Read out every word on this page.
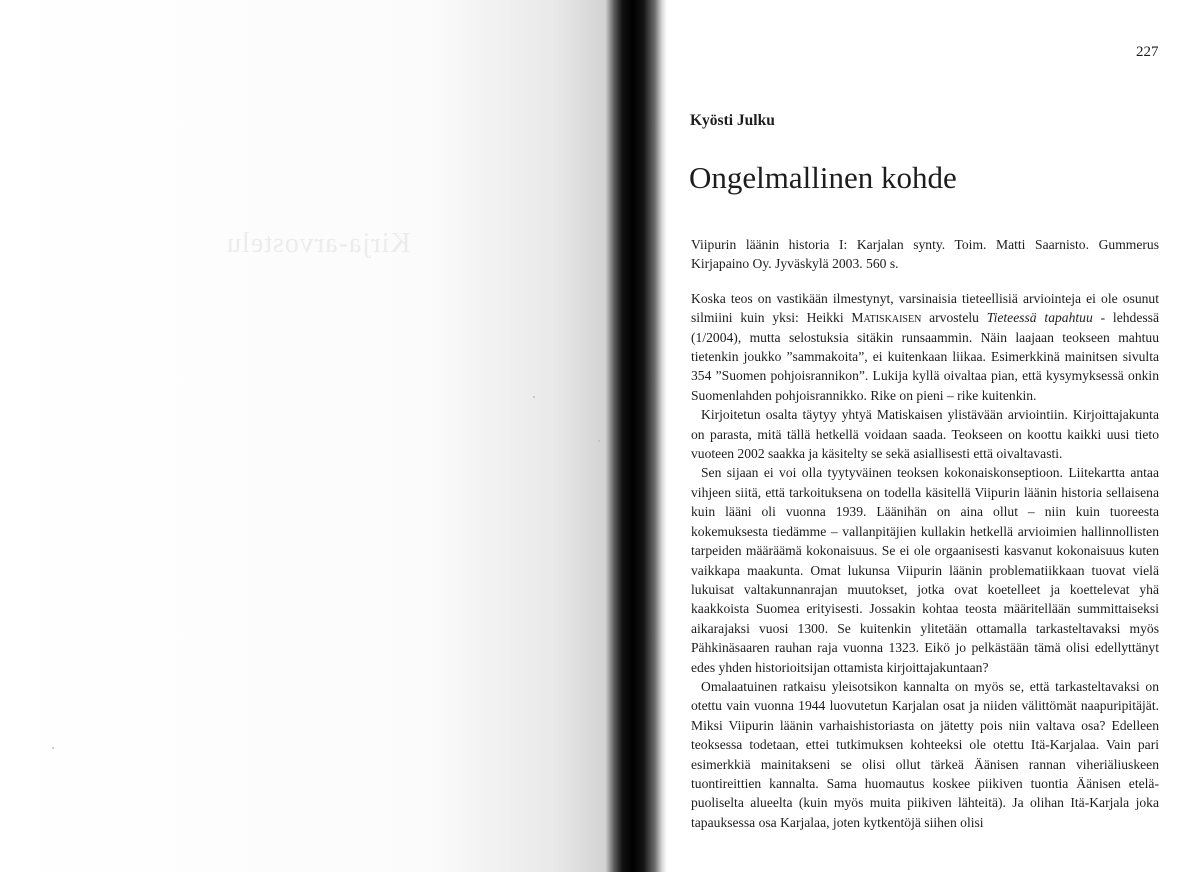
Kirja-arvostelu
227
Kyösti Julku
Ongelmallinen kohde

Viipurin läänin historia I: Karjalan synty. Toim. Matti Saarnisto. Gummerus Kirjapaino Oy. Jyväskylä 2003. 560 s.

Koska teos on vastikään ilmestynyt, varsinaisia tieteellisiä arviointeja ei ole osunut silmiini kuin yksi: Heikki Matiskaisen arvostelu Tieteessä tapahtuu - lehdessä (1/2004), mutta selostuksia sitäkin runsaammin. Näin laajaan teokseen mahtuu tietenkin joukko ”sammakoita”, ei kuitenkaan liikaa. Esimerkkinä mainitsen sivulta 354 ”Suomen pohjoisrannikon”. Lukija kyllä oivaltaa pian, että kysymyksessä onkin Suomenlahden pohjoisrannikko. Rike on pieni – rike kuitenkin.

Kirjoitetun osalta täytyy yhtyä Matiskaisen ylistävään arviointiin. Kirjoittajakunta on parasta, mitä tällä hetkellä voidaan saada. Teokseen on koottu kaikki uusi tieto vuoteen 2002 saakka ja käsitelty se sekä asiallisesti että oivaltavasti.

Sen sijaan ei voi olla tyytyväinen teoksen kokonaiskonseptioon. Liitekartta antaa vihjeen siitä, että tarkoituksena on todella käsitellä Viipurin läänin historia sellaisena kuin lääni oli vuonna 1939. Läänihän on aina ollut – niin kuin tuoreesta kokemuksesta tiedämme – vallanpitäjien kullakin hetkellä arvioimien hallinnollisten tarpeiden määräämä kokonaisuus. Se ei ole orgaanisesti kasvanut kokonaisuus kuten vaikkapa maakunta. Omat lukunsa Viipurin läänin problematiikkaan tuovat vielä lukuisat valtakunnanrajan muutokset, jotka ovat koetelleet ja koettelevat yhä kaakkoista Suomea erityisesti. Jossakin kohtaa teosta määritellään summittaiseksi aikarajaksi vuosi 1300. Se kuitenkin ylitetään ottamalla tarkasteltavaksi myös Pähkinäsaaren rauhan raja vuonna 1323. Eikö jo pelkästään tämä olisi edellyttänyt edes yhden historioitsijan ottamista kirjoittajakuntaan?

Omalaatuinen ratkaisu yleisotsikon kannalta on myös se, että tarkasteltavaksi on otettu vain vuonna 1944 luovutetun Karjalan osat ja niiden välittömät naapuripitäjät. Miksi Viipurin läänin varhaishistoriasta on jätetty pois niin valtava osa? Edelleen teoksessa todetaan, ettei tutkimuksen kohteeksi ole otettu Itä-Karjalaa. Vain pari esimerkkiä mainitakseni se olisi ollut tärkeä Äänisen rannan viheriäliuskeen tuontireittien kannalta. Sama huomautus koskee piikiven tuontia Äänisen etelä-puoliselta alueelta (kuin myös muita piikiven lähteitä). Ja olihan Itä-Karjala joka tapauksessa osa Karjalaa, joten kytkentöjä siihen olisi
